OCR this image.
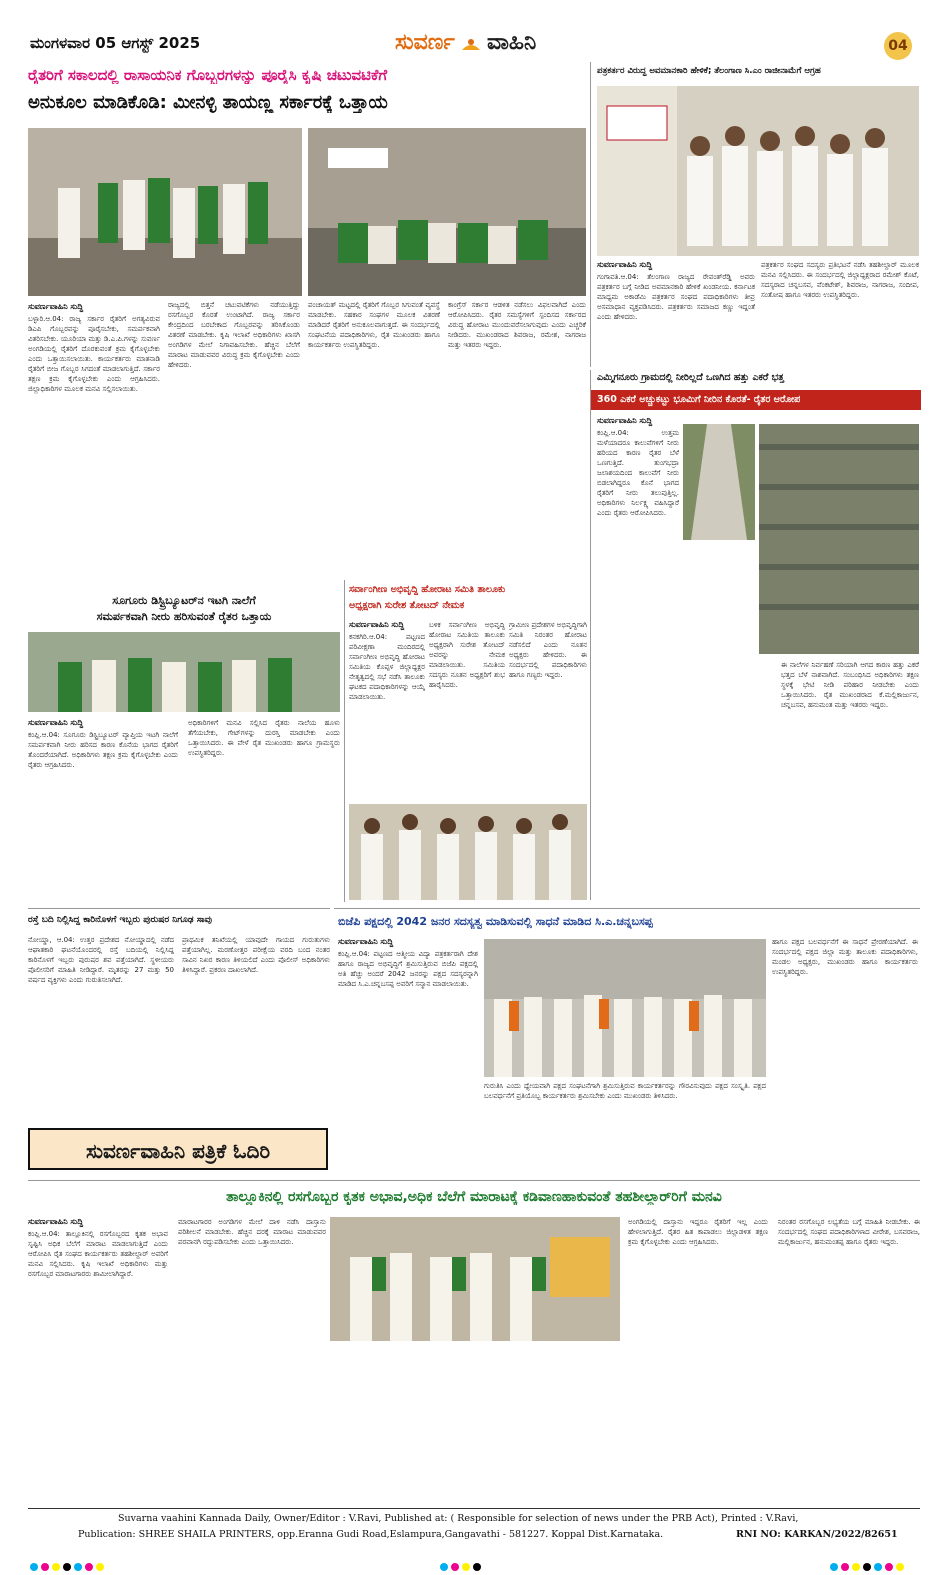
ಮಂಗಳವಾರ 05 ಆಗಸ್ಟ್ 2025	ಸುವರ್ಣ ವಾಹಿನಿ	04
ರೈತರಿಗೆ ಸಕಾಲದಲ್ಲಿ ರಾಸಾಯನಿಕ ಗೊಬ್ಬರಗಳನ್ನು ಪೂರೈಸಿ ಕೃಷಿ ಚಟುವಟಿಕೆಗೆ
ಅನುಕೂಲ ಮಾಡಿಕೊಡಿ: ಮೀನಳ್ಳಿ ತಾಯಣ್ಣ ಸರ್ಕಾರಕ್ಕೆ ಒತ್ತಾಯ
ಸುವರ್ಣವಾಹಿನಿ ಸುದ್ದಿ
ಬಳ್ಳಾರಿ.ಆ.04: ರಾಜ್ಯ ಸರ್ಕಾರ ರೈತರಿಗೆ ಅಗತ್ಯವಿರುವ ಡಿಎಪಿ ಗೊಬ್ಬರವನ್ನು ಪೂರೈಸಬೇಕು, ಸಮರ್ಪಕವಾಗಿ ವಿತರಿಸಬೇಕು. ಯೂರಿಯಾ ಮತ್ತು ಡಿ.ಎ.ಪಿ.ಗಳನ್ನು ಸುವರ್ಣ ಅಂಗಡಿಯಲ್ಲಿ ರೈತರಿಗೆ ದೊರಕುವಂತೆ ಕ್ರಮ ಕೈಗೊಳ್ಳಬೇಕು ಎಂದು ಒತ್ತಾಯಿಸಲಾಯಿತು. ಕಾರ್ಯಕರ್ತರು ಮಾತನಾಡಿ ರೈತರಿಗೆ ಬೀಜ ಗೊಬ್ಬರ ಸಿಗದಂತೆ ಮಾಡಲಾಗುತ್ತಿದೆ. ಸರ್ಕಾರ ತಕ್ಷಣ ಕ್ರಮ ಕೈಗೊಳ್ಳಬೇಕು ಎಂದು ಆಗ್ರಹಿಸಿದರು. ಜಿಲ್ಲಾಧಿಕಾರಿಗಳ ಮೂಲಕ ಮನವಿ ಸಲ್ಲಿಸಲಾಯಿತು.
ರಾಜ್ಯದಲ್ಲಿ ಬಿತ್ತನೆ ಚಟುವಟಿಕೆಗಳು ನಡೆಯುತ್ತಿದ್ದು ರಸಗೊಬ್ಬರ ಕೊರತೆ ಉಂಟಾಗಿದೆ. ರಾಜ್ಯ ಸರ್ಕಾರ ಕೇಂದ್ರದಿಂದ ಬರಬೇಕಾದ ಗೊಬ್ಬರವನ್ನು ತರಿಸಿಕೊಂಡು ವಿತರಣೆ ಮಾಡಬೇಕು. ಕೃಷಿ ಇಲಾಖೆ ಅಧಿಕಾರಿಗಳು ಖಾಸಗಿ ಅಂಗಡಿಗಳ ಮೇಲೆ ನಿಗಾವಹಿಸಬೇಕು. ಹೆಚ್ಚಿನ ಬೆಲೆಗೆ ಮಾರಾಟ ಮಾಡುವವರ ವಿರುದ್ಧ ಕ್ರಮ ಕೈಗೊಳ್ಳಬೇಕು ಎಂದು ಹೇಳಿದರು.
ಪಂಚಾಯತ್ ಮಟ್ಟದಲ್ಲಿ ರೈತರಿಗೆ ಗೊಬ್ಬರ ಸಿಗುವಂತೆ ವ್ಯವಸ್ಥೆ ಮಾಡಬೇಕು. ಸಹಕಾರ ಸಂಘಗಳ ಮೂಲಕ ವಿತರಣೆ ಮಾಡಿದರೆ ರೈತರಿಗೆ ಅನುಕೂಲವಾಗುತ್ತದೆ. ಈ ಸಂದರ್ಭದಲ್ಲಿ ಸಂಘಟನೆಯ ಪದಾಧಿಕಾರಿಗಳು, ರೈತ ಮುಖಂಡರು ಹಾಗೂ ಕಾರ್ಯಕರ್ತರು ಉಪಸ್ಥಿತರಿದ್ದರು.
ಕಾಂಗ್ರೆಸ್ ಸರ್ಕಾರ ಆಡಳಿತ ನಡೆಸಲು ವಿಫಲವಾಗಿದೆ ಎಂದು ಆರೋಪಿಸಿದರು. ರೈತರ ಸಮಸ್ಯೆಗಳಿಗೆ ಸ್ಪಂದಿಸದ ಸರ್ಕಾರದ ವಿರುದ್ಧ ಹೋರಾಟ ಮುಂದುವರೆಸಲಾಗುವುದು ಎಂದು ಎಚ್ಚರಿಕೆ ನೀಡಿದರು. ಮುಖಂಡರಾದ ಶಿವರಾಜ, ರಮೇಶ, ನಾಗರಾಜ ಮತ್ತು ಇತರರು ಇದ್ದರು.
ಪತ್ರಕರ್ತರ ವಿರುದ್ಧ ಅವಮಾನಕಾರಿ ಹೇಳಿಕೆ; ತೆಲಂಗಾಣ ಸಿ.ಎಂ ರಾಜೀನಾಮೆಗೆ ಆಗ್ರಹ
ಸುವರ್ಣವಾಹಿನಿ ಸುದ್ದಿ
ಗಂಗಾವತಿ.ಆ.04: ತೆಲಂಗಾಣ ರಾಜ್ಯದ ರೇವಂತ್‌ರೆಡ್ಡಿ ಅವರು ಪತ್ರಕರ್ತರ ಬಗ್ಗೆ ನೀಡಿದ ಅವಮಾನಕಾರಿ ಹೇಳಿಕೆ ಖಂಡನೀಯ. ಕರ್ನಾಟಕ ಮಾಧ್ಯಮ ಅಕಾಡೆಮಿ ಪತ್ರಕರ್ತರ ಸಂಘದ ಪದಾಧಿಕಾರಿಗಳು ತೀವ್ರ ಅಸಮಾಧಾನ ವ್ಯಕ್ತಪಡಿಸಿದರು. ಪತ್ರಕರ್ತರು ಸಮಾಜದ ಕಣ್ಣು ಇದ್ದಂತೆ ಎಂದು ಹೇಳಿದರು.
ಪತ್ರಕರ್ತರ ಸಂಘದ ಸದಸ್ಯರು ಪ್ರತಿಭಟನೆ ನಡೆಸಿ ತಹಶೀಲ್ದಾರ್ ಮೂಲಕ ಮನವಿ ಸಲ್ಲಿಸಿದರು. ಈ ಸಂದರ್ಭದಲ್ಲಿ ಜಿಲ್ಲಾಧ್ಯಕ್ಷರಾದ ರಮೇಶ್ ಕೊಟೆ, ಸದಸ್ಯರಾದ ಚನ್ನಬಸವ, ವೆಂಕಟೇಶ್, ಶಿವರಾಜ, ನಾಗರಾಜ, ಸಂದೀಪ, ಸಂತೋಷ ಹಾಗೂ ಇತರರು ಉಪಸ್ಥಿತರಿದ್ದರು.
ಎಮ್ಮಿಗನೂರು ಗ್ರಾಮದಲ್ಲಿ ನೀರಿಲ್ಲದೆ ಒಣಗಿದ ಹತ್ತು ಎಕರೆ ಭತ್ತ
360 ಎಕರೆ ಅಚ್ಚುಕಟ್ಟು ಭೂಮಿಗೆ ನೀರಿನ ಕೊರತೆ- ರೈತರ ಆರೋಪ
ಸುವರ್ಣವಾಹಿನಿ ಸುದ್ದಿ
ಕಂಪ್ಲಿ.ಆ.04: ಉತ್ತಮ ಮಳೆಯಾದರೂ ಕಾಲುವೆಗಳಿಗೆ ನೀರು ಹರಿಯದ ಕಾರಣ ರೈತರ ಬೆಳೆ ಒಣಗುತ್ತಿದೆ. ತುಂಗಭದ್ರಾ ಜಲಾಶಯದಿಂದ ಕಾಲುವೆಗೆ ನೀರು ಬಿಡಲಾಗಿದ್ದರೂ ಕೊನೆ ಭಾಗದ ರೈತರಿಗೆ ನೀರು ತಲುಪುತ್ತಿಲ್ಲ. ಅಧಿಕಾರಿಗಳು ನಿರ್ಲಕ್ಷ್ಯ ವಹಿಸಿದ್ದಾರೆ ಎಂದು ರೈತರು ಆರೋಪಿಸಿದರು.
ಈ ನಾಲೆಗಳ ನಿರ್ವಹಣೆ ಸರಿಯಾಗಿ ಆಗದ ಕಾರಣ ಹತ್ತು ಎಕರೆ ಭತ್ತದ ಬೆಳೆ ನಾಶವಾಗಿದೆ. ಸಂಬಂಧಿಸಿದ ಅಧಿಕಾರಿಗಳು ತಕ್ಷಣ ಸ್ಥಳಕ್ಕೆ ಭೇಟಿ ನೀಡಿ ಪರಿಹಾರ ನೀಡಬೇಕು ಎಂದು ಒತ್ತಾಯಿಸಿದರು. ರೈತ ಮುಖಂಡರಾದ ಕೆ.ಮಲ್ಲಿಕಾರ್ಜುನ, ಚನ್ನಬಸವ, ಹನುಮಂತ ಮತ್ತು ಇತರರು ಇದ್ದರು.
ಸೂಗೂರು ಡಿಸ್ಟ್ರಿಬ್ಯೂಟರ್‌ನ ಇಟಗಿ ನಾಲೆಗೆ
ಸಮರ್ಪಕವಾಗಿ ನೀರು ಹರಿಸುವಂತೆ ರೈತರ ಒತ್ತಾಯ
ಸುವರ್ಣವಾಹಿನಿ ಸುದ್ದಿ
ಕಂಪ್ಲಿ.ಆ.04: ಸೂಗೂರು ಡಿಸ್ಟ್ರಿಬ್ಯೂಟರ್ ವ್ಯಾಪ್ತಿಯ ಇಟಗಿ ನಾಲೆಗೆ ಸಮರ್ಪಕವಾಗಿ ನೀರು ಹರಿಸದ ಕಾರಣ ಕೊನೆಯ ಭಾಗದ ರೈತರಿಗೆ ತೊಂದರೆಯಾಗಿದೆ. ಅಧಿಕಾರಿಗಳು ತಕ್ಷಣ ಕ್ರಮ ಕೈಗೊಳ್ಳಬೇಕು ಎಂದು ರೈತರು ಆಗ್ರಹಿಸಿದರು.
ಅಧಿಕಾರಿಗಳಿಗೆ ಮನವಿ ಸಲ್ಲಿಸಿದ ರೈತರು ನಾಲೆಯ ಹೂಳು ತೆಗೆಯಬೇಕು, ಗೇಟ್‌ಗಳನ್ನು ದುರಸ್ತಿ ಮಾಡಬೇಕು ಎಂದು ಒತ್ತಾಯಿಸಿದರು. ಈ ವೇಳೆ ರೈತ ಮುಖಂಡರು ಹಾಗೂ ಗ್ರಾಮಸ್ಥರು ಉಪಸ್ಥಿತರಿದ್ದರು.
ಸರ್ವಾಂಗೀಣ ಅಭಿವೃದ್ಧಿ ಹೋರಾಟ ಸಮಿತಿ ತಾಲೂಕು
ಅಧ್ಯಕ್ಷರಾಗಿ ಸುರೇಶ ತೋಟದ್ ನೇಮಕ
ಸುವರ್ಣವಾಹಿನಿ ಸುದ್ದಿ
ಕನಕಗಿರಿ.ಆ.04: ಪಟ್ಟಣದ ಪರಿವೀಕ್ಷಣಾ ಮಂದಿರದಲ್ಲಿ ಸರ್ವಾಂಗೀಣ ಅಭಿವೃದ್ಧಿ ಹೋರಾಟ ಸಮಿತಿಯ ಕೊಪ್ಪಳ ಜಿಲ್ಲಾಧ್ಯಕ್ಷರ ನೇತೃತ್ವದಲ್ಲಿ ಸಭೆ ನಡೆಸಿ ತಾಲೂಕು ಘಟಕದ ಪದಾಧಿಕಾರಿಗಳನ್ನು ಆಯ್ಕೆ ಮಾಡಲಾಯಿತು.
ಬಳಿಕ ಸರ್ವಾಂಗೀಣ ಅಭಿವೃದ್ಧಿ ಹೋರಾಟ ಸಮಿತಿಯ ತಾಲೂಕು ಅಧ್ಯಕ್ಷರಾಗಿ ಸುರೇಶ ತೋಟದ್ ಅವರನ್ನು ನೇಮಕ ಮಾಡಲಾಯಿತು. ಸಮಿತಿಯ ಸದಸ್ಯರು ನೂತನ ಅಧ್ಯಕ್ಷರಿಗೆ ಶುಭ ಹಾರೈಸಿದರು.
ಗ್ರಾಮೀಣ ಪ್ರದೇಶಗಳ ಅಭಿವೃದ್ಧಿಗಾಗಿ ಸಮಿತಿ ನಿರಂತರ ಹೋರಾಟ ನಡೆಸಲಿದೆ ಎಂದು ನೂತನ ಅಧ್ಯಕ್ಷರು ಹೇಳಿದರು. ಈ ಸಂದರ್ಭದಲ್ಲಿ ಪದಾಧಿಕಾರಿಗಳು ಹಾಗೂ ಗಣ್ಯರು ಇದ್ದರು.
ರಸ್ತೆ ಬದಿ ನಿಲ್ಲಿಸಿದ್ದ ಕಾರಿನೊಳಗೆ ಇಬ್ಬರು ಪುರುಷರ ನಿಗೂಢ ಸಾವು
ನೋಯ್ಡಾ, ಆ.04: ಉತ್ತರ ಪ್ರದೇಶದ ನೋಯ್ಡಾದಲ್ಲಿ ನಡೆದ ಆಘಾತಕಾರಿ ಘಟನೆಯೊಂದರಲ್ಲಿ ರಸ್ತೆ ಬದಿಯಲ್ಲಿ ನಿಲ್ಲಿಸಿದ್ದ ಕಾರಿನೊಳಗೆ ಇಬ್ಬರು ಪುರುಷರ ಶವ ಪತ್ತೆಯಾಗಿದೆ. ಸ್ಥಳೀಯರು ಪೊಲೀಸರಿಗೆ ಮಾಹಿತಿ ನೀಡಿದ್ದಾರೆ. ಮೃತರನ್ನು 27 ಮತ್ತು 50 ವರ್ಷದ ವ್ಯಕ್ತಿಗಳು ಎಂದು ಗುರುತಿಸಲಾಗಿದೆ.
ಪ್ರಾಥಮಿಕ ತನಿಖೆಯಲ್ಲಿ ಯಾವುದೇ ಗಾಯದ ಗುರುತುಗಳು ಪತ್ತೆಯಾಗಿಲ್ಲ. ಮರಣೋತ್ತರ ಪರೀಕ್ಷೆಯ ವರದಿ ಬಂದ ನಂತರ ಸಾವಿನ ನಿಖರ ಕಾರಣ ತಿಳಿಯಲಿದೆ ಎಂದು ಪೊಲೀಸ್ ಅಧಿಕಾರಿಗಳು ತಿಳಿಸಿದ್ದಾರೆ. ಪ್ರಕರಣ ದಾಖಲಾಗಿದೆ.
ಸುವರ್ಣವಾಹಿನಿ ಪತ್ರಿಕೆ ಓದಿರಿ
ಬಿಜೆಪಿ ಪಕ್ಷದಲ್ಲಿ 2042 ಜನರ ಸದಸ್ಯತ್ವ ಮಾಡಿಸುವಲ್ಲಿ ಸಾಧನೆ ಮಾಡಿದ ಸಿ.ಎ.ಚನ್ನಬಸಪ್ಪ
ಸುವರ್ಣವಾಹಿನಿ ಸುದ್ದಿ
ಕಂಪ್ಲಿ.ಆ.04: ಪಟ್ಟಣದ ಆತ್ಮೀಯ ವಿದ್ಯಾ ಪತ್ರಕರ್ತರಾಗಿ ದೇಶ ಹಾಗೂ ರಾಜ್ಯದ ಅಭಿವೃದ್ಧಿಗೆ ಶ್ರಮಿಸುತ್ತಿರುವ ಬಿಜೆಪಿ ಪಕ್ಷದಲ್ಲಿ ಅತಿ ಹೆಚ್ಚು ಅಂದರೆ 2042 ಜನರನ್ನು ಪಕ್ಷದ ಸದಸ್ಯರನ್ನಾಗಿ ಮಾಡಿದ ಸಿ.ಎ.ಚನ್ನಬಸಪ್ಪ ಅವರಿಗೆ ಸನ್ಮಾನ ಮಾಡಲಾಯಿತು.
ಗುರುತಿಸಿ ಎಂದು ಧ್ಯೇಯವಾಗಿ ಪಕ್ಷದ ಸಂಘಟನೆಗಾಗಿ ಶ್ರಮಿಸುತ್ತಿರುವ ಕಾರ್ಯಕರ್ತರನ್ನು ಗೌರವಿಸುವುದು ಪಕ್ಷದ ಸಂಸ್ಕೃತಿ. ಪಕ್ಷದ ಬಲವರ್ಧನೆಗೆ ಪ್ರತಿಯೊಬ್ಬ ಕಾರ್ಯಕರ್ತರು ಶ್ರಮಿಸಬೇಕು ಎಂದು ಮುಖಂಡರು ತಿಳಿಸಿದರು.
ಹಾಗೂ ಪಕ್ಷದ ಬಲವರ್ಧನೆಗೆ ಈ ಸಾಧನೆ ಪ್ರೇರಣೆಯಾಗಿದೆ. ಈ ಸಂದರ್ಭದಲ್ಲಿ ಪಕ್ಷದ ಜಿಲ್ಲಾ ಮತ್ತು ತಾಲೂಕು ಪದಾಧಿಕಾರಿಗಳು, ಮಂಡಲ ಅಧ್ಯಕ್ಷರು, ಮುಖಂಡರು ಹಾಗೂ ಕಾರ್ಯಕರ್ತರು ಉಪಸ್ಥಿತರಿದ್ದರು.
ತಾಲ್ಲೂಕಿನಲ್ಲಿ ರಸಗೊಬ್ಬರ ಕೃತಕ ಅಭಾವ,ಅಧಿಕ ಬೆಲೆಗೆ ಮಾರಾಟಕ್ಕೆ ಕಡಿವಾಣಹಾಕುವಂತೆ ತಹಶೀಲ್ದಾರ್‌ರಿಗೆ ಮನವಿ
ಸುವರ್ಣವಾಹಿನಿ ಸುದ್ದಿ
ಕಂಪ್ಲಿ.ಆ.04: ತಾಲ್ಲೂಕಿನಲ್ಲಿ ರಸಗೊಬ್ಬರದ ಕೃತಕ ಅಭಾವ ಸೃಷ್ಟಿಸಿ ಅಧಿಕ ಬೆಲೆಗೆ ಮಾರಾಟ ಮಾಡಲಾಗುತ್ತಿದೆ ಎಂದು ಆರೋಪಿಸಿ ರೈತ ಸಂಘದ ಕಾರ್ಯಕರ್ತರು ತಹಶೀಲ್ದಾರ್ ಅವರಿಗೆ ಮನವಿ ಸಲ್ಲಿಸಿದರು. ಕೃಷಿ ಇಲಾಖೆ ಅಧಿಕಾರಿಗಳು ಮತ್ತು ರಸಗೊಬ್ಬರ ಮಾರಾಟಗಾರರು ಶಾಮೀಲಾಗಿದ್ದಾರೆ.
ಮಾರಾಟಗಾರರ ಅಂಗಡಿಗಳ ಮೇಲೆ ದಾಳಿ ನಡೆಸಿ ದಾಸ್ತಾನು ಪರಿಶೀಲನೆ ಮಾಡಬೇಕು. ಹೆಚ್ಚಿನ ದರಕ್ಕೆ ಮಾರಾಟ ಮಾಡುವವರ ಪರವಾನಗಿ ರದ್ದುಪಡಿಸಬೇಕು ಎಂದು ಒತ್ತಾಯಿಸಿದರು.
ಅಂಗಡಿಯಲ್ಲಿ ದಾಸ್ತಾನು ಇದ್ದರೂ ರೈತರಿಗೆ ಇಲ್ಲ ಎಂದು ಹೇಳಲಾಗುತ್ತಿದೆ. ರೈತರ ಹಿತ ಕಾಪಾಡಲು ಜಿಲ್ಲಾಡಳಿತ ತಕ್ಷಣ ಕ್ರಮ ಕೈಗೊಳ್ಳಬೇಕು ಎಂದು ಆಗ್ರಹಿಸಿದರು.
ನಿರಂತರ ರಸಗೊಬ್ಬರ ಲಭ್ಯತೆಯ ಬಗ್ಗೆ ಮಾಹಿತಿ ನೀಡಬೇಕು. ಈ ಸಂದರ್ಭದಲ್ಲಿ ಸಂಘದ ಪದಾಧಿಕಾರಿಗಳಾದ ವೀರೇಶ, ಬಸವರಾಜ, ಮಲ್ಲಿಕಾರ್ಜುನ, ಹನುಮಂತಪ್ಪ ಹಾಗೂ ರೈತರು ಇದ್ದರು.
Suvarna vaahini Kannada Daily, Owner/Editor : V.Ravi, Published at: ( Responsible for selection of news under the PRB Act), Printed : V.Ravi,
Publication: SHREE SHAILA PRINTERS, opp.Eranna Gudi Road,Eslampura,Gangavathi - 581227. Koppal Dist.Karnataka.	RNI NO: KARKAN/2022/82651
